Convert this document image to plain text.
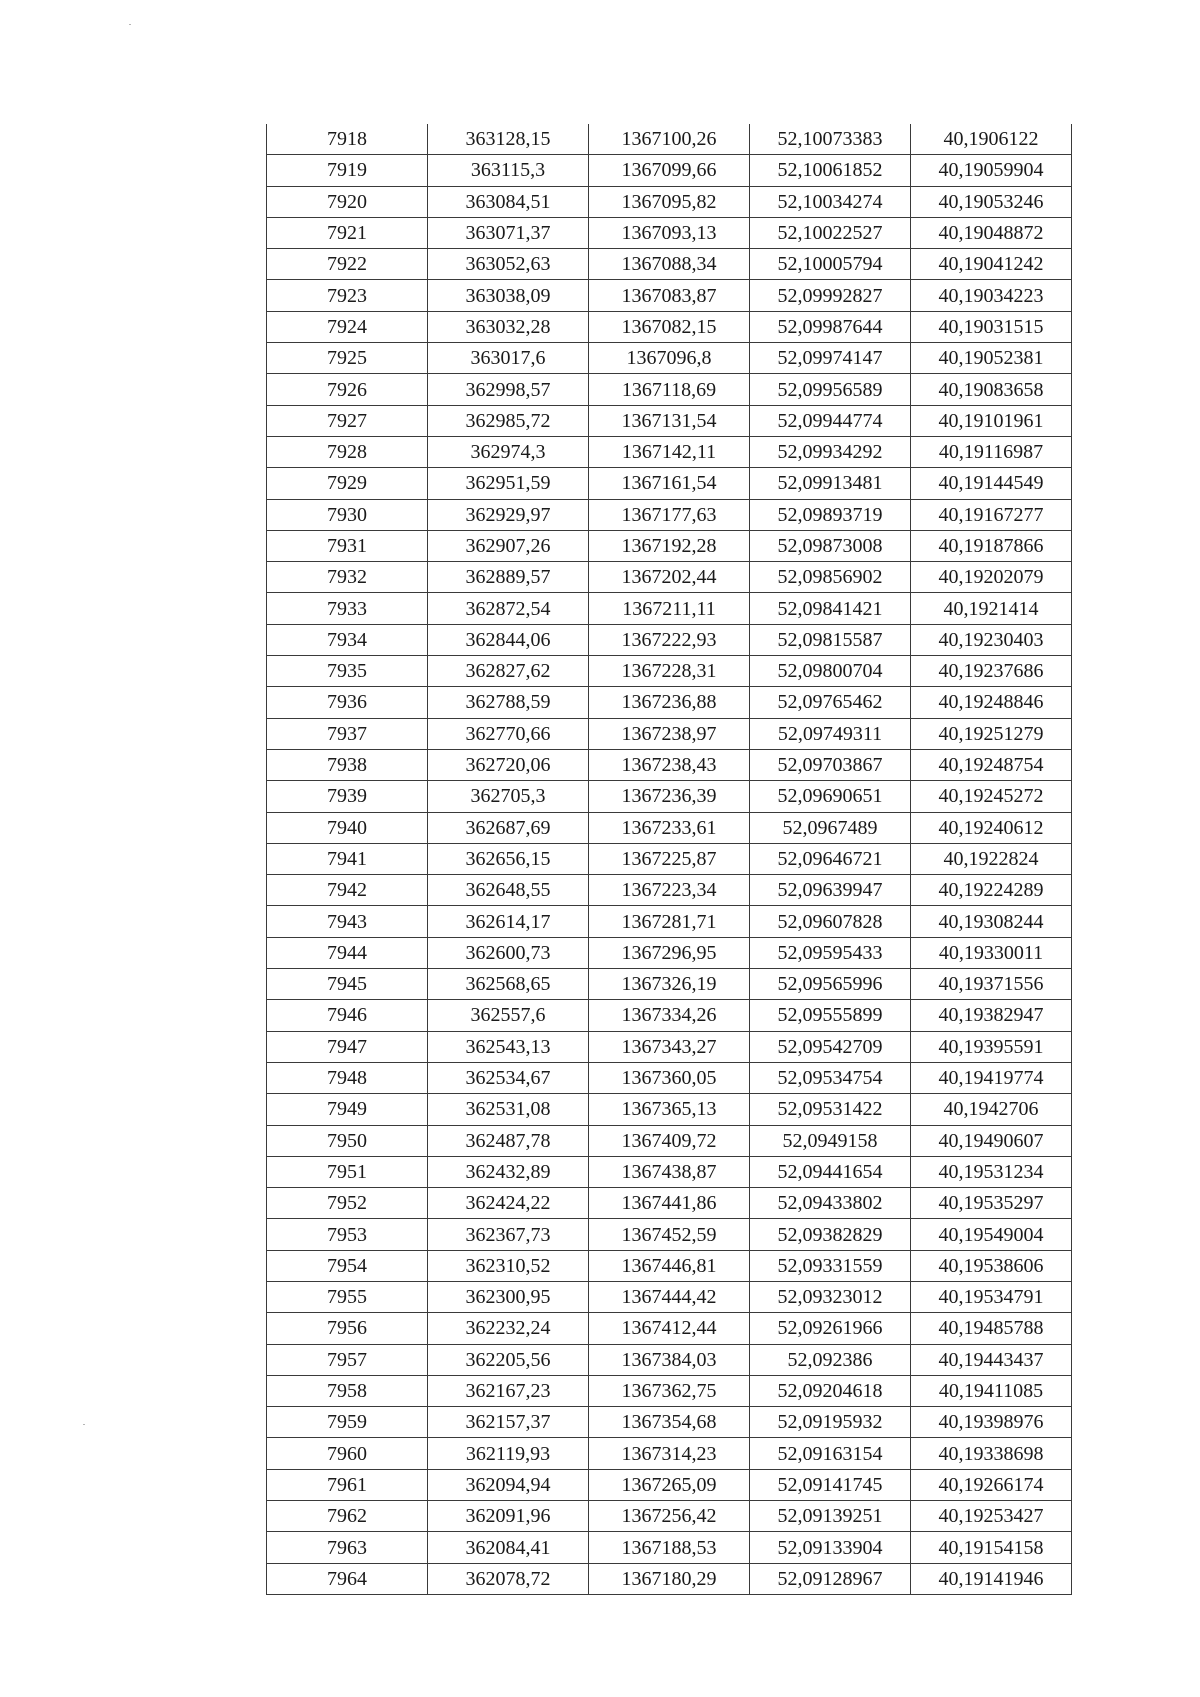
7918	363128,15	1367100,26	52,10073383	40,1906122
7919	363115,3	1367099,66	52,10061852	40,19059904
7920	363084,51	1367095,82	52,10034274	40,19053246
7921	363071,37	1367093,13	52,10022527	40,19048872
7922	363052,63	1367088,34	52,10005794	40,19041242
7923	363038,09	1367083,87	52,09992827	40,19034223
7924	363032,28	1367082,15	52,09987644	40,19031515
7925	363017,6	1367096,8	52,09974147	40,19052381
7926	362998,57	1367118,69	52,09956589	40,19083658
7927	362985,72	1367131,54	52,09944774	40,19101961
7928	362974,3	1367142,11	52,09934292	40,19116987
7929	362951,59	1367161,54	52,09913481	40,19144549
7930	362929,97	1367177,63	52,09893719	40,19167277
7931	362907,26	1367192,28	52,09873008	40,19187866
7932	362889,57	1367202,44	52,09856902	40,19202079
7933	362872,54	1367211,11	52,09841421	40,1921414
7934	362844,06	1367222,93	52,09815587	40,19230403
7935	362827,62	1367228,31	52,09800704	40,19237686
7936	362788,59	1367236,88	52,09765462	40,19248846
7937	362770,66	1367238,97	52,09749311	40,19251279
7938	362720,06	1367238,43	52,09703867	40,19248754
7939	362705,3	1367236,39	52,09690651	40,19245272
7940	362687,69	1367233,61	52,0967489	40,19240612
7941	362656,15	1367225,87	52,09646721	40,1922824
7942	362648,55	1367223,34	52,09639947	40,19224289
7943	362614,17	1367281,71	52,09607828	40,19308244
7944	362600,73	1367296,95	52,09595433	40,19330011
7945	362568,65	1367326,19	52,09565996	40,19371556
7946	362557,6	1367334,26	52,09555899	40,19382947
7947	362543,13	1367343,27	52,09542709	40,19395591
7948	362534,67	1367360,05	52,09534754	40,19419774
7949	362531,08	1367365,13	52,09531422	40,1942706
7950	362487,78	1367409,72	52,0949158	40,19490607
7951	362432,89	1367438,87	52,09441654	40,19531234
7952	362424,22	1367441,86	52,09433802	40,19535297
7953	362367,73	1367452,59	52,09382829	40,19549004
7954	362310,52	1367446,81	52,09331559	40,19538606
7955	362300,95	1367444,42	52,09323012	40,19534791
7956	362232,24	1367412,44	52,09261966	40,19485788
7957	362205,56	1367384,03	52,092386	40,19443437
7958	362167,23	1367362,75	52,09204618	40,19411085
7959	362157,37	1367354,68	52,09195932	40,19398976
7960	362119,93	1367314,23	52,09163154	40,19338698
7961	362094,94	1367265,09	52,09141745	40,19266174
7962	362091,96	1367256,42	52,09139251	40,19253427
7963	362084,41	1367188,53	52,09133904	40,19154158
7964	362078,72	1367180,29	52,09128967	40,19141946
